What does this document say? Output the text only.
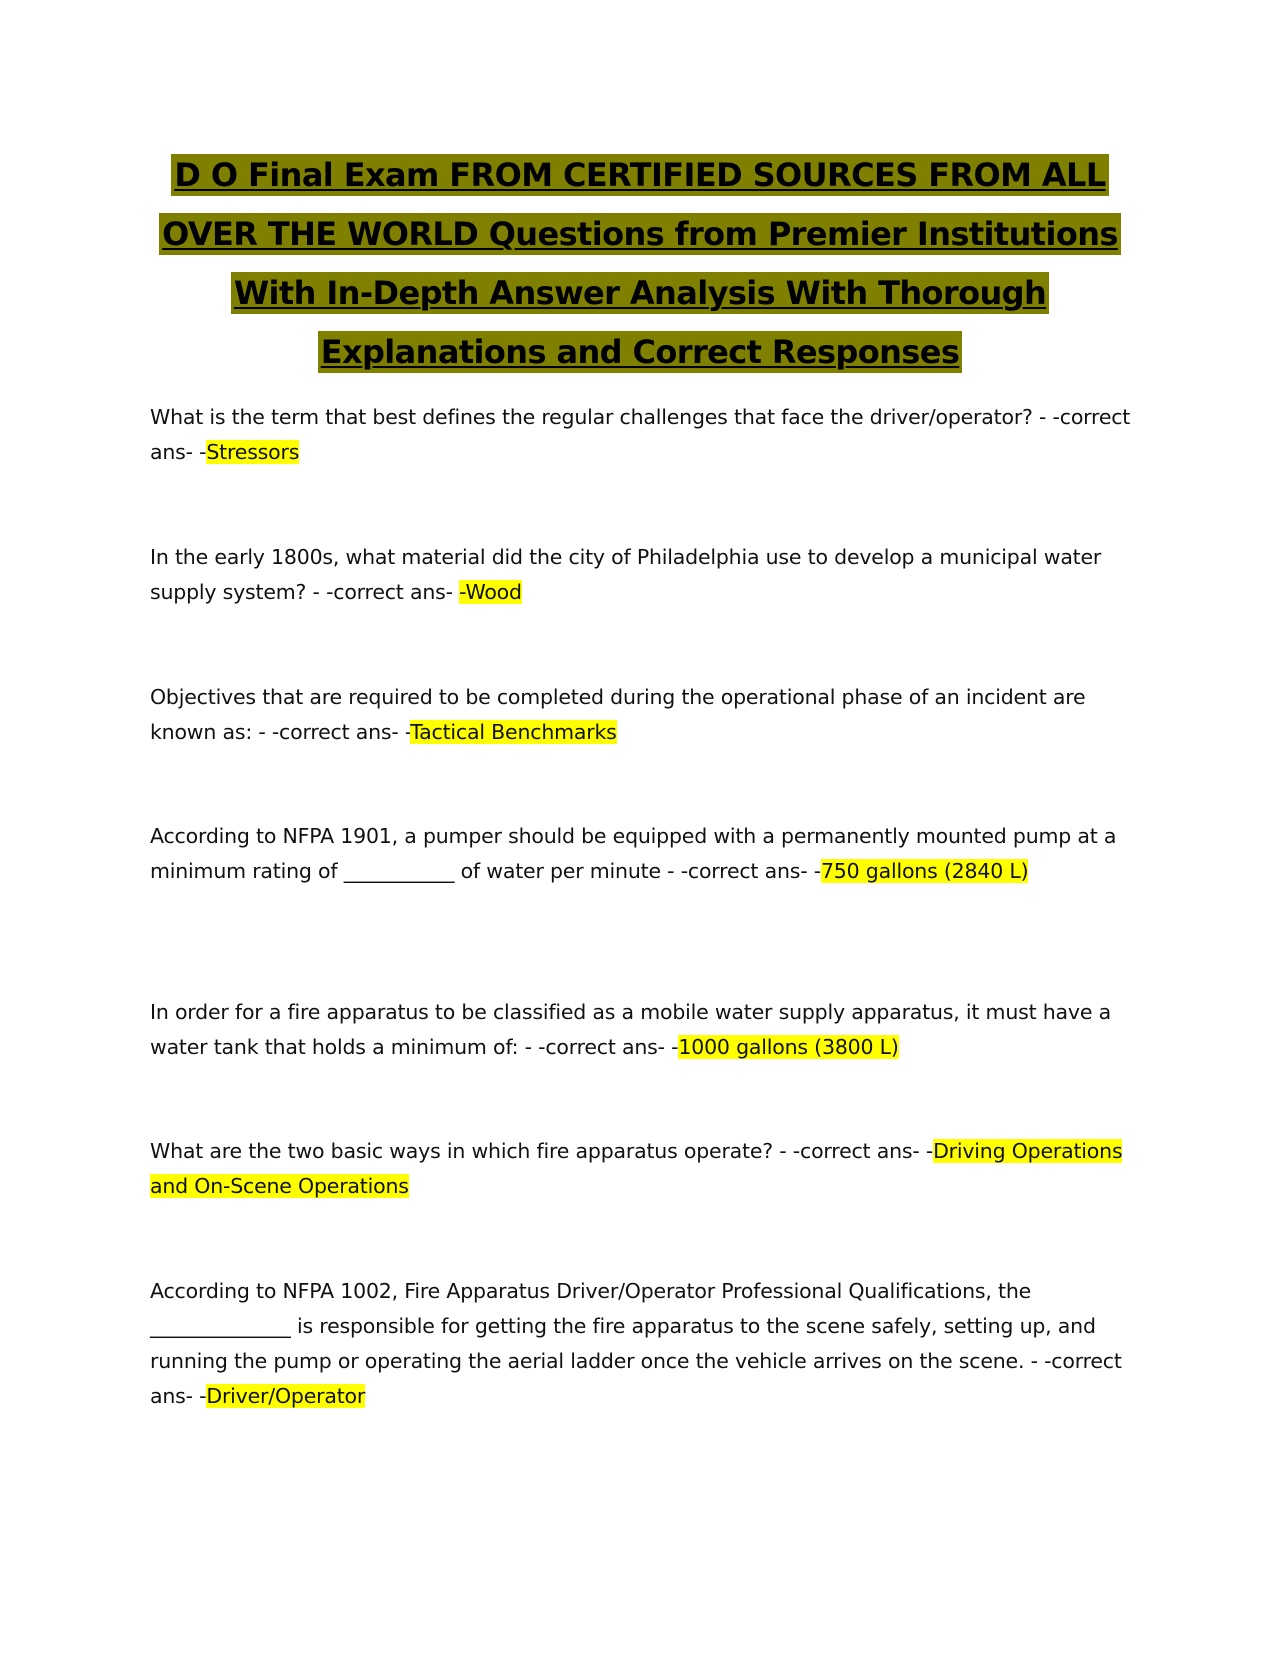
D O Final Exam FROM CERTIFIED SOURCES FROM ALL OVER THE WORLD Questions from Premier Institutions With In-Depth Answer Analysis With Thorough Explanations and Correct Responses
What is the term that best defines the regular challenges that face the driver/operator? - -correct ans- -Stressors
In the early 1800s, what material did the city of Philadelphia use to develop a municipal water supply system? - -correct ans- -Wood
Objectives that are required to be completed during the operational phase of an incident are known as: - -correct ans- -Tactical Benchmarks
According to NFPA 1901, a pumper should be equipped with a permanently mounted pump at a minimum rating of ___________ of water per minute - -correct ans- -750 gallons (2840 L)
In order for a fire apparatus to be classified as a mobile water supply apparatus, it must have a water tank that holds a minimum of: - -correct ans- -1000 gallons (3800 L)
What are the two basic ways in which fire apparatus operate? - -correct ans- -Driving Operations and On-Scene Operations
According to NFPA 1002, Fire Apparatus Driver/Operator Professional Qualifications, the ______________ is responsible for getting the fire apparatus to the scene safely, setting up, and running the pump or operating the aerial ladder once the vehicle arrives on the scene. - -correct ans- -Driver/Operator
